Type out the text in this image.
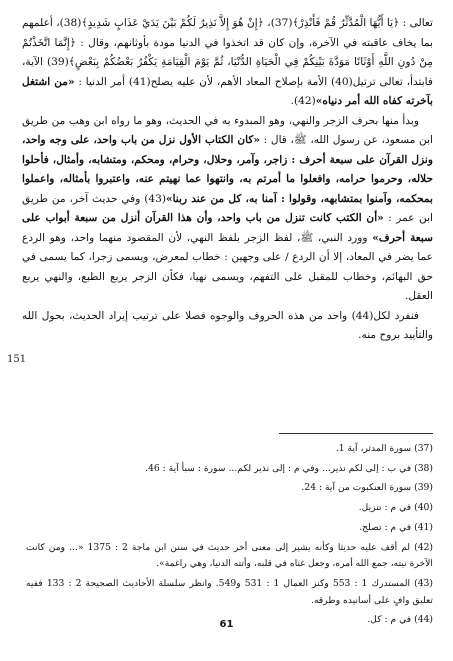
تعالى : ﴿يَا أَيُّهَا الْمُدَّثِّرُ قُمْ فَأَنْذِرْ﴾(37)، ﴿إِنْ هُوَ إِلاَّ نَذِيرٌ لَكُمْ بَيْنَ يَدَيْ عَذَابٍ شَدِيدٍ﴾(38)، أعلمهم بما يخاف عاقبته في الآخرة، وإن كان قد اتخذوا في الدنيا مودة بأوثانهم، وقال : ﴿إِنَّمَا اتَّخَذْتُمْ مِنْ دُونِ اللَّهِ أَوْثَانًا مَوَدَّةَ بَيْنِكُمْ فِي الْحَيَاةِ الدُّنْيَا، ثُمَّ يَوْمَ الْقِيَامَةِ يَكْفُرُ بَعْضُكُمْ بِبَعْضٍ﴾(39) الآية، فابتدأ، تعالى ترتيل(40) الأمة بإصلاح المعاد الأهم، لأن عليه يصلح(41) أمر الدنيا : «من اشتغل بآخرته كفاه الله أمر دنياه»(42).

وبدأ منها بحرف الزجر والنهي، وهو المبدوء به في الحديث، وهو ما رواه ابن وهب من طريق ابن مسعود، عن رسول الله، ﷺ، قال : «كان الكتاب الأول نزل من باب واحد، على وجه واحد، ونزل القرآن على سبعة أحرف : زاجر، وآمر، وحلال، وحرام، ومحكم، ومتشابه، وأمثال، فأحلوا حلاله، وحرموا حرامه، وافعلوا ما أمرتم به، وانتهوا عما نهيتم عنه، واعتبروا بأمثاله، واعملوا بمحكمه، وآمنوا بمتشابهه، وقولوا : آمنا به، كل من عند ربنا»(43) وفي حديث آخر، من طريق ابن عمر : «أن الكتب كانت تنزل من باب واحد، وأن هذا القرآن أنزل من سبعة أبواب على سبعة أحرف» وورد النبي، ﷺ، لفظ الزجر بلفظ النهي، لأن المقصود منهما واحد، وهو الردع عما يضر في المعاد، إلا أن الردع / على وجهين : خطاب لمعرض، ويسمى زجرا، كما يسمى في حق البهائم، وخطاب للمقبل على التفهم، ويسمى نهيا، فكأن الزجر يربع الطبع، والنهي يربع العقل.

فنفرد لكل(44) واحد من هذه الحروف والوجوه فصلا على ترتيب إيراد الحديث، بحول الله والتأييد بروح منه.

151

(37) سورة المدثر، آية 1.

(38) في ب : إلى لكم نذير... وفي م : إلى نذير لكم... سورة : سبأ آية : 46.

(39) سورة العنكبوت من آية : 24.

(40) في م : تنزيل.

(41) في م : تصلح.

(42) لم أقف عليه حديثا وكأنه يشير إلى معنى أخر حديث في سنن ابن ماجة 2 : 1375 «... ومن كانت الآخرة نيته، جمع الله أمره، وجعل غناه في قلبه، وأتته الدنيا، وهي راغمة».

(43) المستدرك 1 : 553 وكنز العمال 1 : 531 و549. وانظر سلسلة الأحاديث الصحيحة 2 : 133 ففيه تعليق وافٍ على أسانيده وطرقه.

(44) في م : كل.

61
